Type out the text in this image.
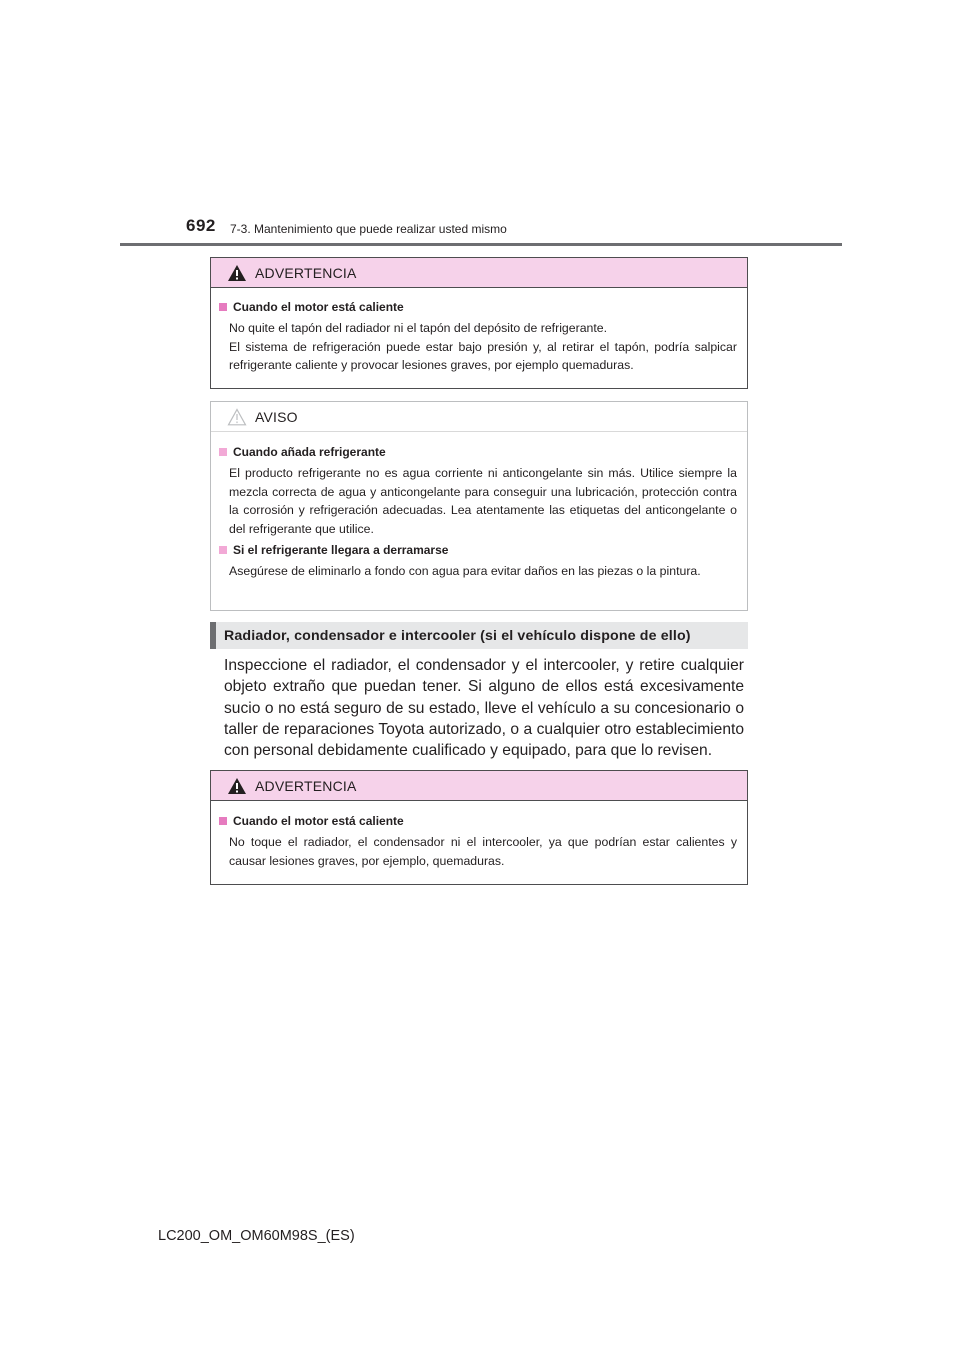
692 7-3. Mantenimiento que puede realizar usted mismo
ADVERTENCIA
Cuando el motor está caliente
No quite el tapón del radiador ni el tapón del depósito de refrigerante.
El sistema de refrigeración puede estar bajo presión y, al retirar el tapón, podría salpicar refrigerante caliente y provocar lesiones graves, por ejemplo quemaduras.
AVISO
Cuando añada refrigerante
El producto refrigerante no es agua corriente ni anticongelante sin más. Utilice siempre la mezcla correcta de agua y anticongelante para conseguir una lubricación, protección contra la corrosión y refrigeración adecuadas. Lea atentamente las etiquetas del anticongelante o del refrigerante que utilice.
Si el refrigerante llegara a derramarse
Asegúrese de eliminarlo a fondo con agua para evitar daños en las piezas o la pintura.
Radiador, condensador e intercooler (si el vehículo dispone de ello)
Inspeccione el radiador, el condensador y el intercooler, y retire cualquier objeto extraño que puedan tener. Si alguno de ellos está excesivamente sucio o no está seguro de su estado, lleve el vehículo a su concesionario o taller de reparaciones Toyota autorizado, o a cualquier otro establecimiento con personal debidamente cualificado y equipado, para que lo revisen.
ADVERTENCIA
Cuando el motor está caliente
No toque el radiador, el condensador ni el intercooler, ya que podrían estar calientes y causar lesiones graves, por ejemplo, quemaduras.
LC200_OM_OM60M98S_(ES)
